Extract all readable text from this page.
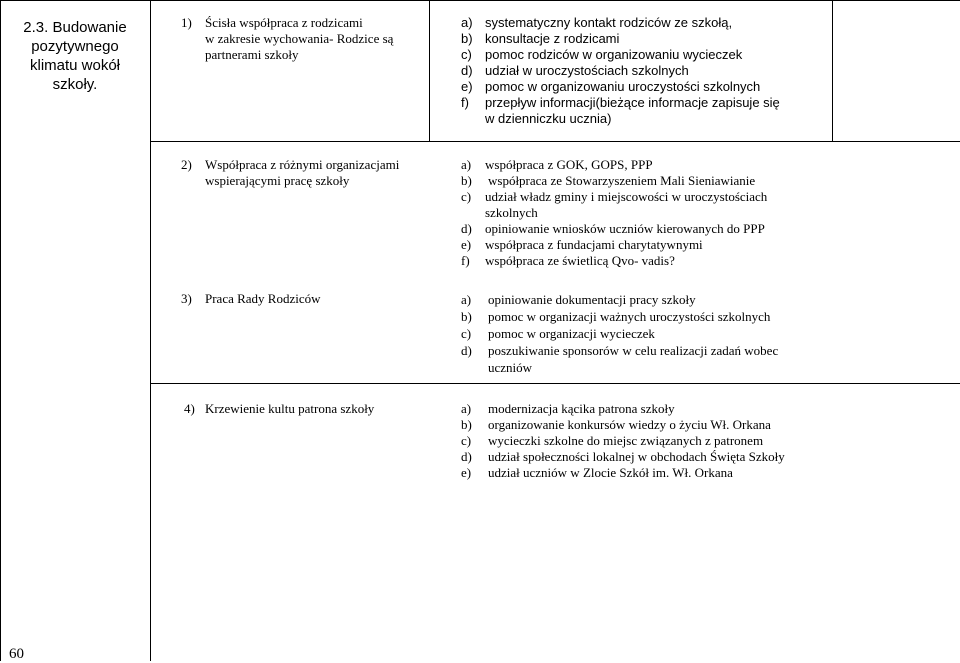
2.3. Budowanie pozytywnego klimatu wokół szkoły.
1) Ścisła współpraca z rodzicami
w zakresie wychowania- Rodzice są
partnerami szkoły
a) systematyczny kontakt rodziców ze szkołą,
b) konsultacje z rodzicami
c)	pomoc rodziców w organizowaniu wycieczek
d) udział w uroczystościach szkolnych
e) pomoc w organizowaniu uroczystości szkolnych
f)	przepływ informacji(bieżące informacje zapisuje się
w dzienniczku ucznia)
2) Współpraca z różnymi organizacjami
wspierającymi pracę szkoły
a)	współpraca z GOK, GOPS, PPP
b)	współpraca ze Stowarzyszeniem Mali Sieniawianie
c)	udział władz gminy i miejscowości w uroczystościach
szkolnych
d)	opiniowanie wniosków uczniów kierowanych do PPP
e)	współpraca z fundacjami charytatywnymi
f)	współpraca ze świetlicą Qvo- vadis?
3) Praca Rady Rodziców	a)	opiniowanie dokumentacji pracy szkoły
b)	pomoc w organizacji ważnych uroczystości szkolnych
c)	pomoc w organizacji wycieczek
d)	poszukiwanie sponsorów w celu realizacji zadań wobec
uczniów
4) Krzewienie kultu patrona szkoły	a)	modernizacja kącika patrona szkoły
b)	organizowanie konkursów wiedzy o życiu Wł. Orkana
c)	wycieczki szkolne do miejsc związanych z patronem
d)	udział społeczności lokalnej w obchodach Święta Szkoły
e)	udział uczniów w Zlocie Szkół im. Wł. Orkana
60
